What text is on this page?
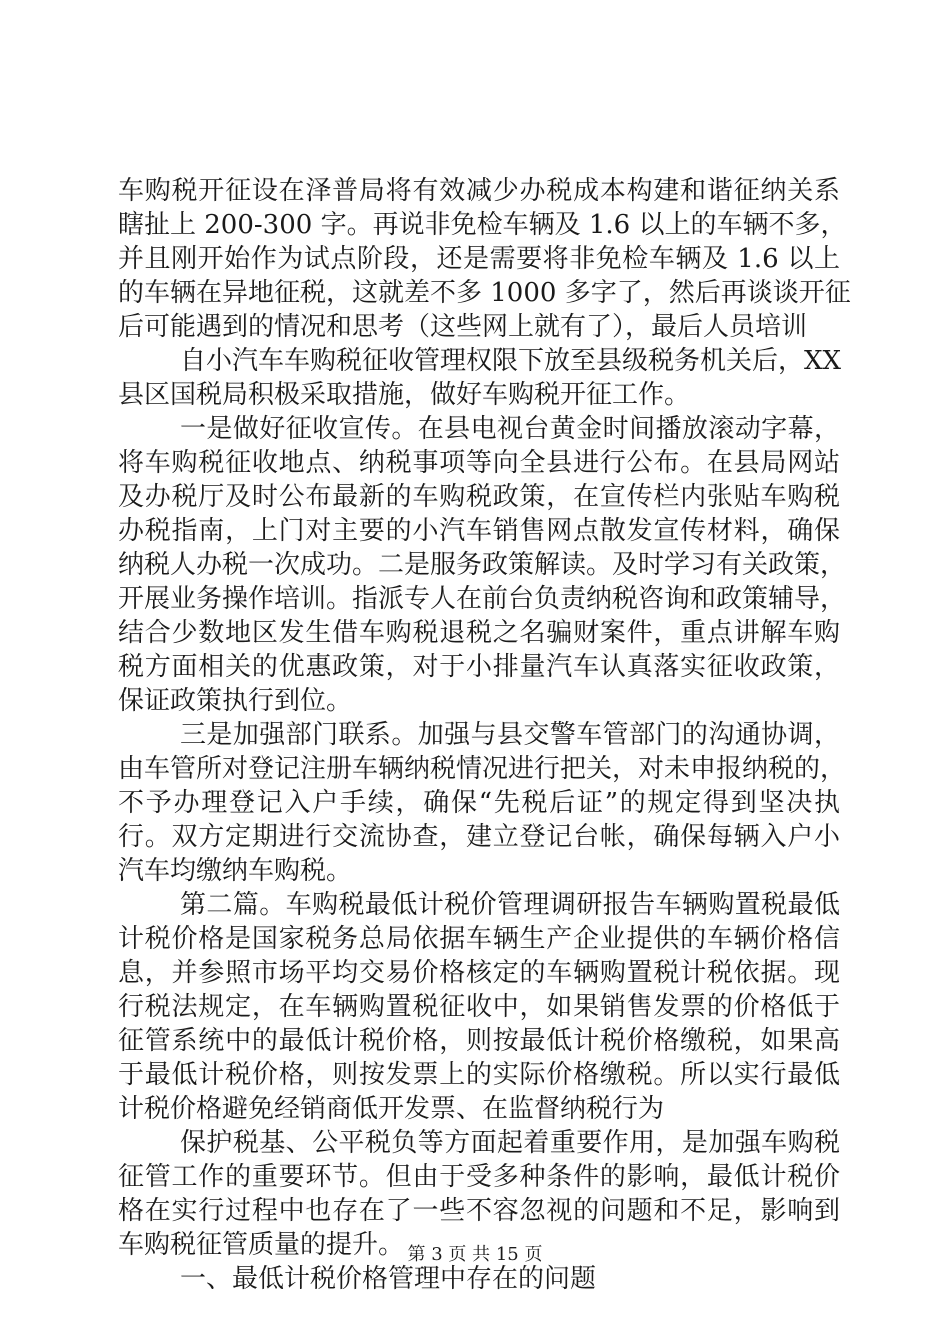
车购税开征设在泽普局将有效减少办税成本构建和谐征纳关系
瞎扯上 200-300 字。再说非免检车辆及 1.6 以上的车辆不多，
并且刚开始作为试点阶段，还是需要将非免检车辆及 1.6 以上
的车辆在异地征税，这就差不多 1000 多字了，然后再谈谈开征
后可能遇到的情况和思考（这些网上就有了），最后人员培训
自小汽车车购税征收管理权限下放至县级税务机关后，XX
县区国税局积极采取措施，做好车购税开征工作。
一是做好征收宣传。在县电视台黄金时间播放滚动字幕，
将车购税征收地点、纳税事项等向全县进行公布。在县局网站
及办税厅及时公布最新的车购税政策，在宣传栏内张贴车购税
办税指南，上门对主要的小汽车销售网点散发宣传材料，确保
纳税人办税一次成功。二是服务政策解读。及时学习有关政策，
开展业务操作培训。指派专人在前台负责纳税咨询和政策辅导，
结合少数地区发生借车购税退税之名骗财案件，重点讲解车购
税方面相关的优惠政策，对于小排量汽车认真落实征收政策，
保证政策执行到位。
三是加强部门联系。加强与县交警车管部门的沟通协调，
由车管所对登记注册车辆纳税情况进行把关，对未申报纳税的，
不予办理登记入户手续，确保“先税后证”的规定得到坚决执
行。双方定期进行交流协查，建立登记台帐，确保每辆入户小
汽车均缴纳车购税。
第二篇。车购税最低计税价管理调研报告车辆购置税最低
计税价格是国家税务总局依据车辆生产企业提供的车辆价格信
息，并参照市场平均交易价格核定的车辆购置税计税依据。现
行税法规定，在车辆购置税征收中，如果销售发票的价格低于
征管系统中的最低计税价格，则按最低计税价格缴税，如果高
于最低计税价格，则按发票上的实际价格缴税。所以实行最低
计税价格避免经销商低开发票、在监督纳税行为
保护税基、公平税负等方面起着重要作用，是加强车购税
征管工作的重要环节。但由于受多种条件的影响，最低计税价
格在实行过程中也存在了一些不容忽视的问题和不足，影响到
车购税征管质量的提升。
一、最低计税价格管理中存在的问题
第 3 页 共 15 页
